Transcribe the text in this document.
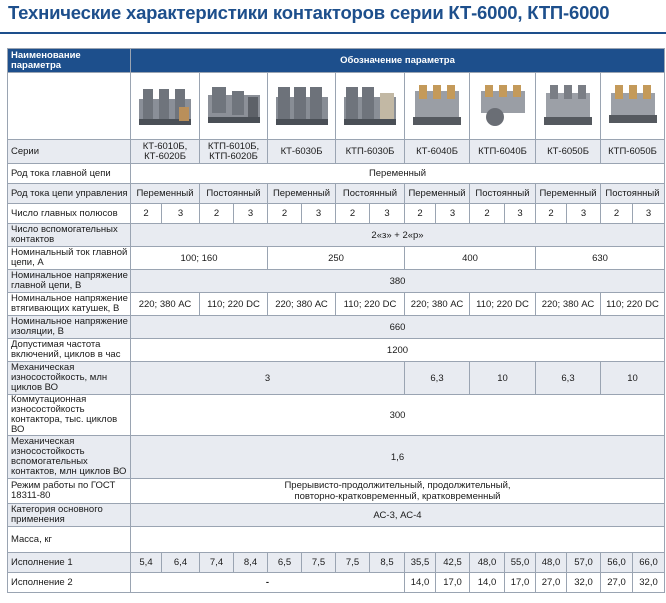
Технические характеристики контакторов серии КТ-6000, КТП-6000
Наименование параметра	Обозначение параметра															

Серии	КТ-6010Б, КТ-6020Б		КТП-6010Б, КТП-6020Б		КТ-6030Б		КТП-6030Б		КТ-6040Б		КТП-6040Б		КТ-6050Б		КТП-6050Б	
Род тока главной цепи	Переменный															
Род тока цепи управления	Переменный		Постоянный		Переменный		Постоянный		Переменный		Постоянный		Переменный		Постоянный	
Число главных полюсов	2	3	2	3	2	3	2	3	2	3	2	3	2	3	2	3
Число вспомогательных контактов	2«з» + 2«р»															
Номинальный ток главной цепи, А	100; 160				250				400				630			
Номинальное напряжение главной цепи, В	380															
Номинальное напряжение втягивающих катушек, В	220; 380 АС		110; 220 DC		220; 380 АС		110; 220 DC		220; 380 АС		110; 220 DC		220; 380 АС		110; 220 DC	
Номинальное напряжение изоляции, В	660															
Допустимая частота включений, циклов в час	1200															
Механическая износостойкость, млн циклов ВО	3								6,3		10		6,3		10	
Коммутационная износостойкость контактора, тыс. циклов ВО	300															
Механическая износостойкость вспомогательных контактов, млн циклов ВО	1,6															
Режим работы по ГОСТ 18311-80	Прерывисто-продолжительный, продолжительный,
повторно-кратковременный, кратковременный															
Категория основного применения	АС-3, АС-4															
Масса, кг																
Исполнение 1	5,4	6,4	7,4	8,4	6,5	7,5	7,5	8,5	35,5	42,5	48,0	55,0	48,0	57,0	56,0	66,0
Исполнение 2	-								14,0	17,0	14,0	17,0	27,0	32,0	27,0	32,0
